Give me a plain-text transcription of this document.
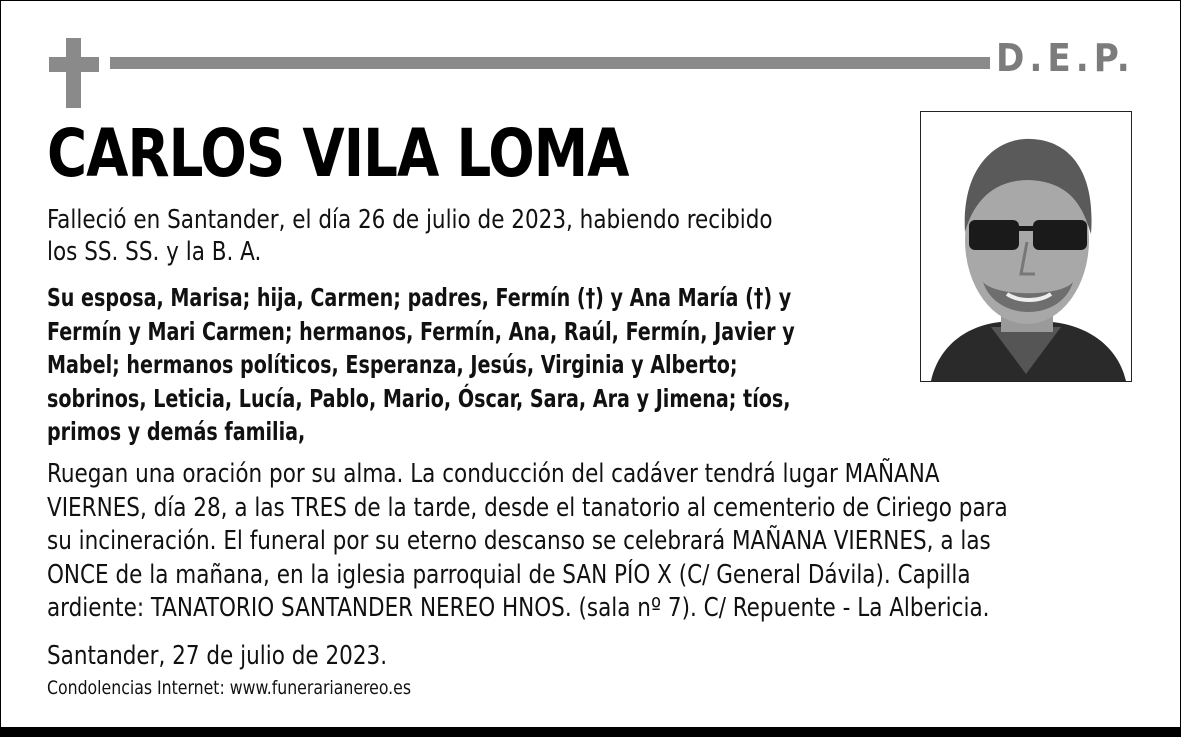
D.E.P.
CARLOS VILA LOMA
Falleció en Santander, el día 26 de julio de 2023, habiendo recibido
los SS. SS. y la B. A.
Su esposa, Marisa; hija, Carmen; padres, Fermín (†) y Ana María (†) y
Fermín y Mari Carmen; hermanos, Fermín, Ana, Raúl, Fermín, Javier y
Mabel; hermanos políticos, Esperanza, Jesús, Virginia y Alberto;
sobrinos, Leticia, Lucía, Pablo, Mario, Óscar, Sara, Ara y Jimena; tíos,
primos y demás familia,
Ruegan una oración por su alma. La conducción del cadáver tendrá lugar MAÑANA
VIERNES, día 28, a las TRES de la tarde, desde el tanatorio al cementerio de Ciriego para
su incineración. El funeral por su eterno descanso se celebrará MAÑANA VIERNES, a las
ONCE de la mañana, en la iglesia parroquial de SAN PÍO X (C/ General Dávila). Capilla
ardiente: TANATORIO SANTANDER NEREO HNOS. (sala nº 7). C/ Repuente - La Albericia.
Santander, 27 de julio de 2023.
Condolencias Internet: www.funerarianereo.es
